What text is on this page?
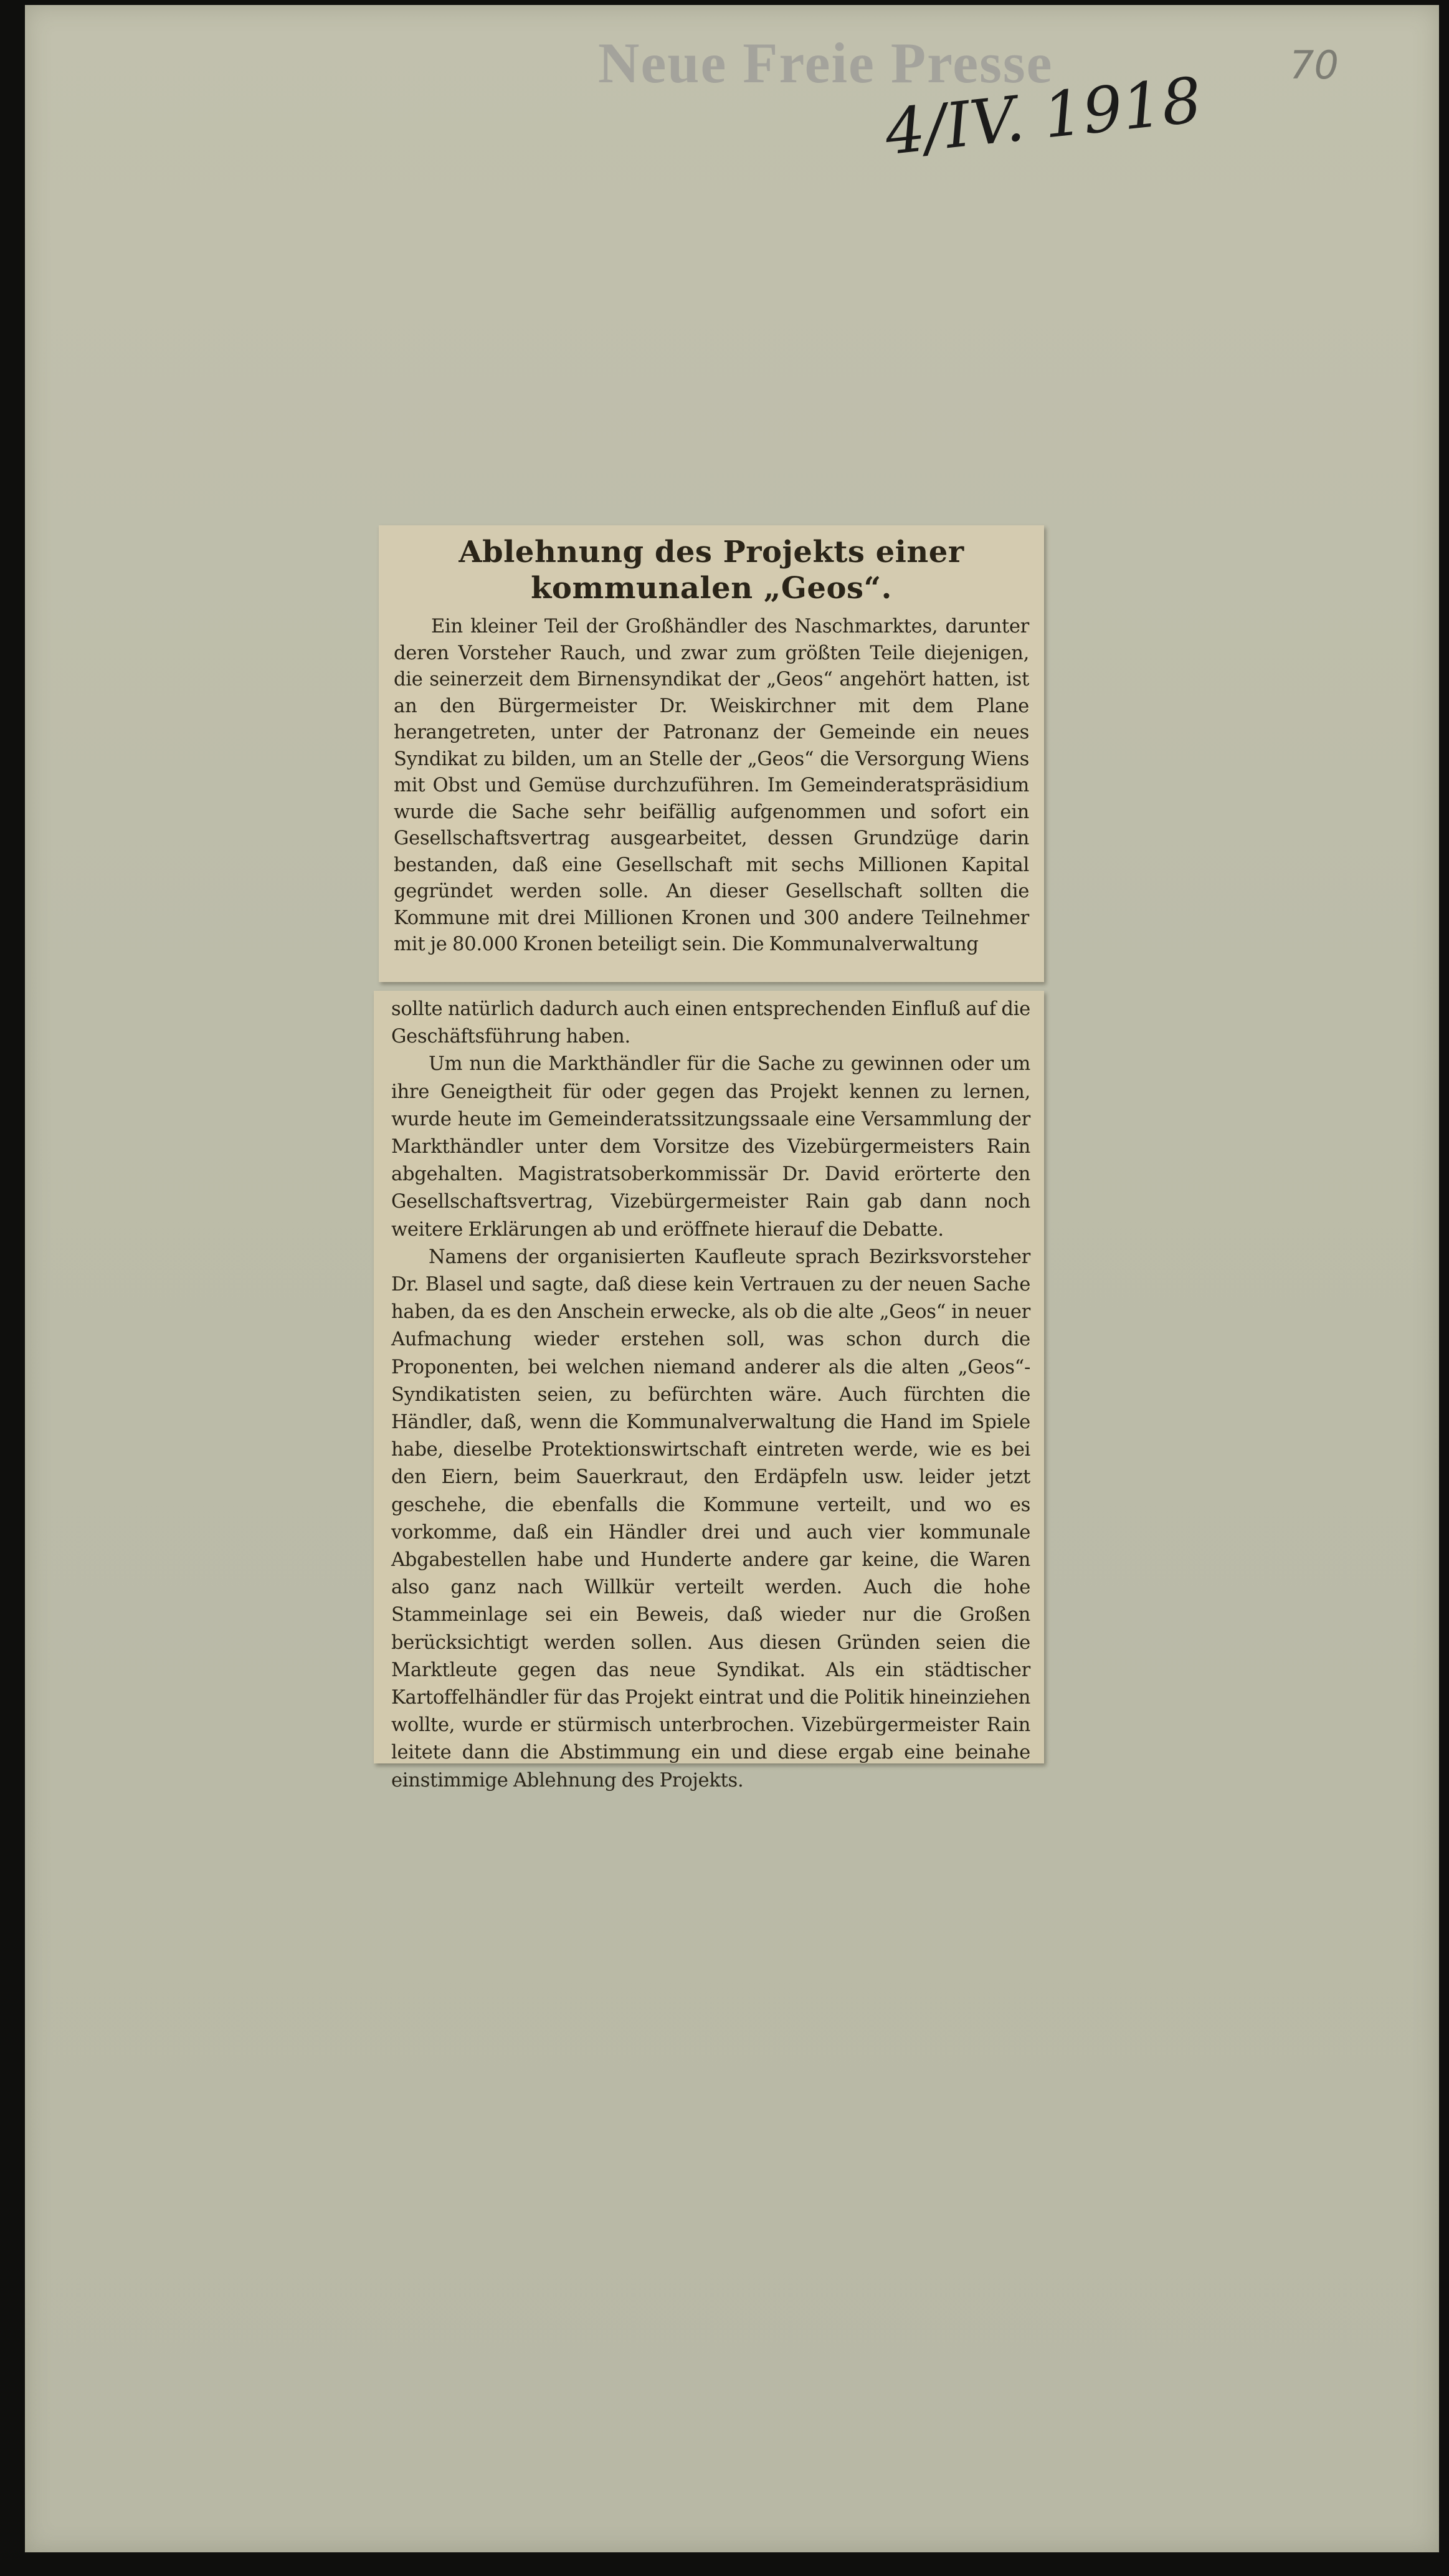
Neue Freie Presse	70
4/IV. 1918
Ablehnung des Projekts einer kommunalen „Geos“.

Ein kleiner Teil der Großhändler des Naschmarktes, darunter deren Vorsteher Rauch, und zwar zum größten Teile diejenigen, die seinerzeit dem Birnensyndikat der „Geos“ angehört hatten, ist an den Bürgermeister Dr. Weiskirchner mit dem Plane herangetreten, unter der Patronanz der Gemeinde ein neues Syndikat zu bilden, um an Stelle der „Geos“ die Versorgung Wiens mit Obst und Gemüse durchzuführen. Im Gemeinderatspräsidium wurde die Sache sehr beifällig aufgenommen und sofort ein Gesellschaftsvertrag ausgearbeitet, dessen Grundzüge darin bestanden, daß eine Gesellschaft mit sechs Millionen Kapital gegründet werden solle. An dieser Gesellschaft sollten die Kommune mit drei Millionen Kronen und 300 andere Teilnehmer mit je 80.000 Kronen beteiligt sein. Die Kommunalverwaltung

sollte natürlich dadurch auch einen entsprechenden Einfluß auf die Geschäftsführung haben.

Um nun die Markthändler für die Sache zu gewinnen oder um ihre Geneigtheit für oder gegen das Projekt kennen zu lernen, wurde heute im Gemeinderatssitzungssaale eine Versammlung der Markthändler unter dem Vorsitze des Vizebürgermeisters Rain abgehalten. Magistratsoberkommissär Dr. David erörterte den Gesellschaftsvertrag, Vizebürgermeister Rain gab dann noch weitere Erklärungen ab und eröffnete hierauf die Debatte.

Namens der organisierten Kaufleute sprach Bezirksvorsteher Dr. Blasel und sagte, daß diese kein Vertrauen zu der neuen Sache haben, da es den Anschein erwecke, als ob die alte „Geos“ in neuer Aufmachung wieder erstehen soll, was schon durch die Proponenten, bei welchen niemand anderer als die alten „Geos“-Syndikatisten seien, zu befürchten wäre. Auch fürchten die Händler, daß, wenn die Kommunalverwaltung die Hand im Spiele habe, dieselbe Protektionswirtschaft eintreten werde, wie es bei den Eiern, beim Sauerkraut, den Erdäpfeln usw. leider jetzt geschehe, die ebenfalls die Kommune verteilt, und wo es vorkomme, daß ein Händler drei und auch vier kommunale Abgabestellen habe und Hunderte andere gar keine, die Waren also ganz nach Willkür verteilt werden. Auch die hohe Stammeinlage sei ein Beweis, daß wieder nur die Großen berücksichtigt werden sollen. Aus diesen Gründen seien die Marktleute gegen das neue Syndikat. Als ein städtischer Kartoffelhändler für das Projekt eintrat und die Politik hineinziehen wollte, wurde er stürmisch unterbrochen. Vizebürgermeister Rain leitete dann die Abstimmung ein und diese ergab eine beinahe einstimmige Ablehnung des Projekts.
